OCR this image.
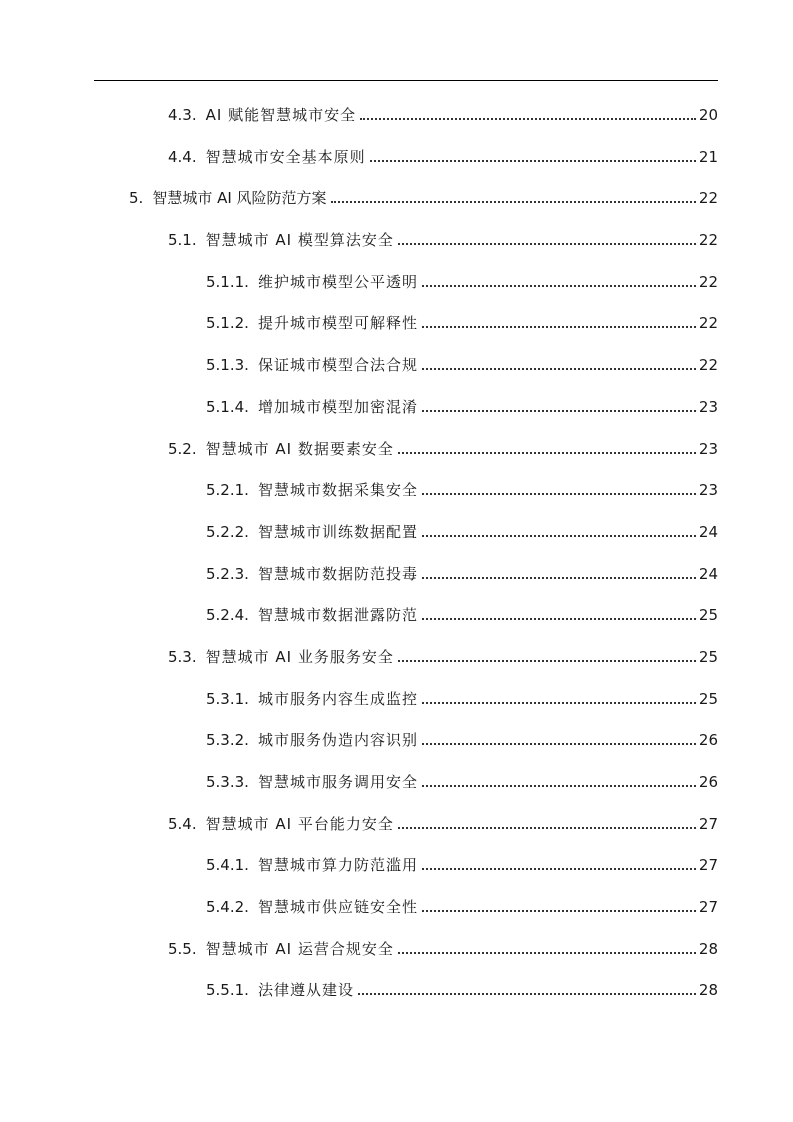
4.3. AI 赋能智慧城市安全	20
4.4. 智慧城市安全基本原则	21
5. 智慧城市 AI 风险防范方案	22
5.1. 智慧城市 AI 模型算法安全	22
5.1.1. 维护城市模型公平透明	22
5.1.2. 提升城市模型可解释性	22
5.1.3. 保证城市模型合法合规	22
5.1.4. 增加城市模型加密混淆	23
5.2. 智慧城市 AI 数据要素安全	23
5.2.1. 智慧城市数据采集安全	23
5.2.2. 智慧城市训练数据配置	24
5.2.3. 智慧城市数据防范投毒	24
5.2.4. 智慧城市数据泄露防范	25
5.3. 智慧城市 AI 业务服务安全	25
5.3.1. 城市服务内容生成监控	25
5.3.2. 城市服务伪造内容识别	26
5.3.3. 智慧城市服务调用安全	26
5.4. 智慧城市 AI 平台能力安全	27
5.4.1. 智慧城市算力防范滥用	27
5.4.2. 智慧城市供应链安全性	27
5.5. 智慧城市 AI 运营合规安全	28
5.5.1. 法律遵从建设	28
